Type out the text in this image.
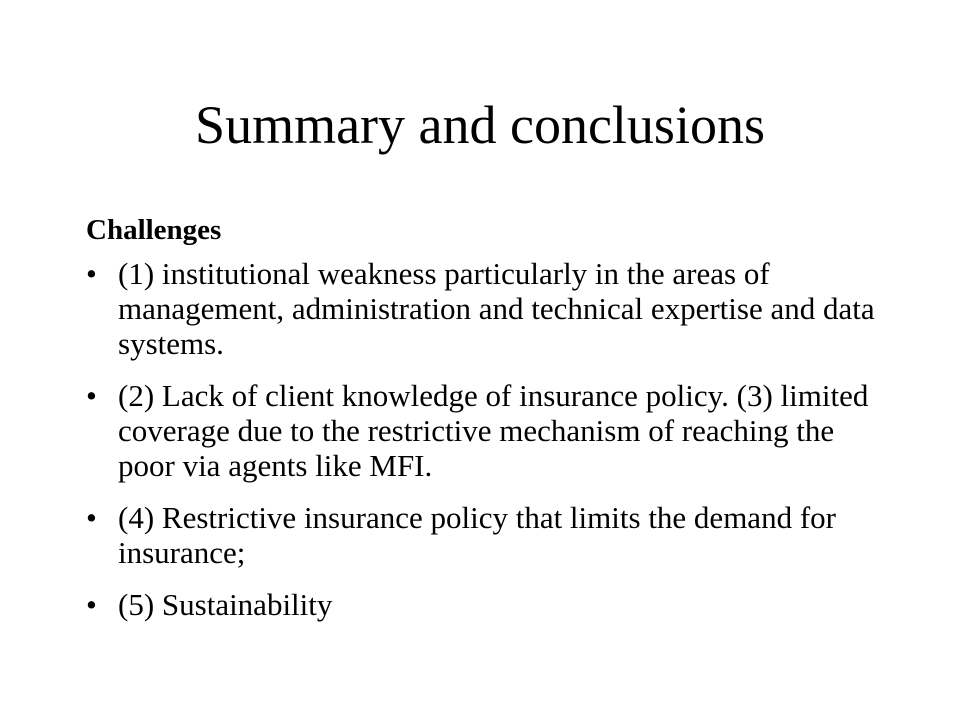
Summary and conclusions
Challenges
• (1) institutional weakness particularly in the areas of management, administration and technical expertise and data systems.
• (2) Lack of client knowledge of insurance policy. (3) limited coverage due to the restrictive mechanism of reaching the poor via agents like MFI.
• (4) Restrictive insurance policy that limits the demand for insurance;
• (5) Sustainability
